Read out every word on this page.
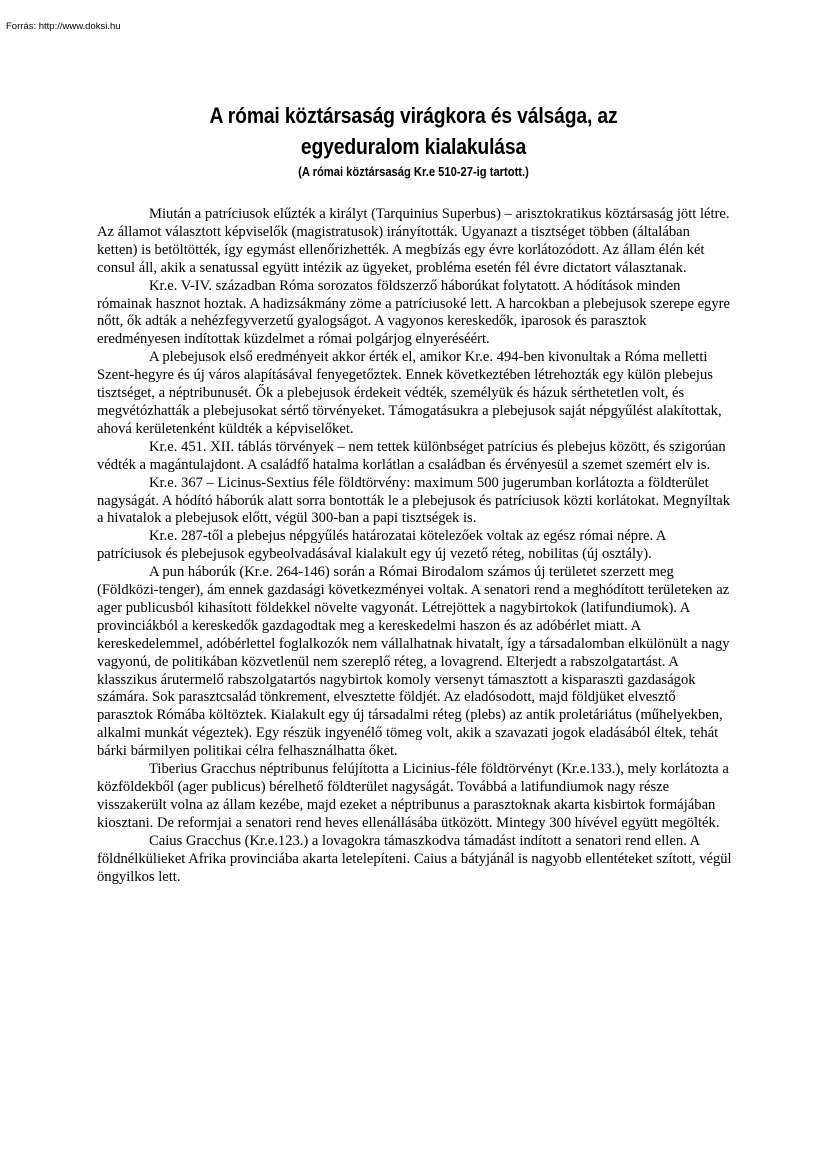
Forrás: http://www.doksi.hu
A római köztársaság virágkora és válsága, az
egyeduralom kialakulása
(A római köztársaság Kr.e 510-27-ig tartott.)

Miután a patríciusok elűzték a királyt (Tarquinius Superbus) – arisztokratikus köztársaság jött létre. Az államot választott képviselők (magistratusok) irányították. Ugyanazt a tisztséget többen (általában ketten) is betöltötték, így egymást ellenőrizhették. A megbízás egy évre korlátozódott. Az állam élén két consul áll, akik a senatussal együtt intézik az ügyeket, probléma esetén fél évre dictatort választanak.

Kr.e. V-IV. században Róma sorozatos földszerző háborúkat folytatott. A hódítások minden rómainak hasznot hoztak. A hadizsákmány zöme a patríciusoké lett. A harcokban a plebejusok szerepe egyre nőtt, ők adták a nehézfegyverzetű gyalogságot. A vagyonos kereskedők, iparosok és parasztok eredményesen indítottak küzdelmet a római polgárjog elnyeréséért.

A plebejusok első eredményeit akkor érték el, amikor Kr.e. 494-ben kivonultak a Róma melletti Szent-hegyre és új város alapításával fenyegetőztek. Ennek következtében létrehozták egy külön plebejus tisztséget, a néptribunusét. Ők a plebejusok érdekeit védték, személyük és házuk sérthetetlen volt, és megvétózhatták a plebejusokat sértő törvényeket. Támogatásukra a plebejusok saját népgyűlést alakítottak, ahová kerületenként küldték a képviselőket.

Kr.e. 451. XII. táblás törvények – nem tettek különbséget patrícius és plebejus között, és szigorúan védték a magántulajdont. A családfő hatalma korlátlan a családban és érvényesül a szemet szemért elv is.

Kr.e. 367 – Licinus-Sextius féle földtörvény: maximum 500 jugerumban korlátozta a földterület nagyságát. A hódító háborúk alatt sorra bontották le a plebejusok és patríciusok közti korlátokat. Megnyíltak a hivatalok a plebejusok előtt, végül 300-ban a papi tisztségek is.

Kr.e. 287-től a plebejus népgyűlés határozatai kötelezőek voltak az egész római népre. A patríciusok és plebejusok egybeolvadásával kialakult egy új vezető réteg, nobilitas (új osztály).

A pun háborúk (Kr.e. 264-146) során a Római Birodalom számos új területet szerzett meg (Földközi-tenger), ám ennek gazdasági következményei voltak. A senatori rend a meghódított területeken az ager publicusból kihasított földekkel növelte vagyonát. Létrejöttek a nagybirtokok (latifundiumok). A provinciákból a kereskedők gazdagodtak meg a kereskedelmi haszon és az adóbérlet miatt. A kereskedelemmel, adóbérlettel foglalkozók nem vállalhatnak hivatalt, így a társadalomban elkülönült a nagy vagyonú, de politikában közvetlenül nem szereplő réteg, a lovagrend. Elterjedt a rabszolgatartást. A klasszikus árutermelő rabszolgatartós nagybirtok komoly versenyt támasztott a kisparaszti gazdaságok számára. Sok parasztcsalád tönkrement, elvesztette földjét. Az eladósodott, majd földjüket elvesztő parasztok Rómába költöztek. Kialakult egy új társadalmi réteg (plebs) az antik proletáriátus (műhelyekben, alkalmi munkát végeztek). Egy részük ingyenélő tömeg volt, akik a szavazati jogok eladásából éltek, tehát bárki bármilyen politikai célra felhasználhatta őket.

Tiberius Gracchus néptribunus felújította a Licinius-féle földtörvényt (Kr.e.133.), mely korlátozta a közföldekből (ager publicus) bérelhető földterület nagyságát. Továbbá a latifundiumok nagy része visszakerült volna az állam kezébe, majd ezeket a néptribunus a parasztoknak akarta kisbirtok formájában kiosztani. De reformjai a senatori rend heves ellenállásába ütközött. Mintegy 300 hívével együtt megölték.

Caius Gracchus (Kr.e.123.) a lovagokra támaszkodva támadást indított a senatori rend ellen. A földnélkülieket Afrika provinciába akarta letelepíteni. Caius a bátyjánál is nagyobb ellentéteket szított, végül öngyilkos lett.
